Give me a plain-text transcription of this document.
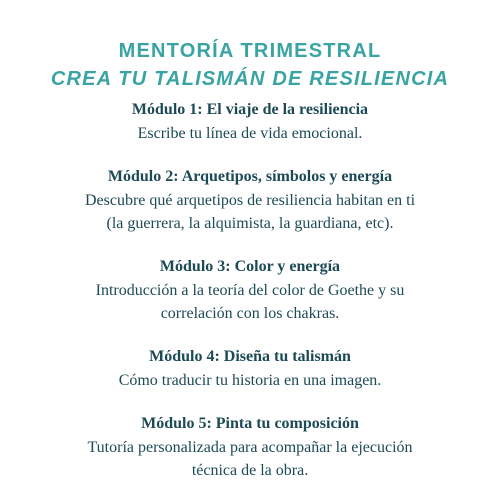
MENTORÍA TRIMESTRAL
CREA TU TALISMÁN DE RESILIENCIA
Módulo 1: El viaje de la resiliencia
Escribe tu línea de vida emocional.
Módulo 2: Arquetipos, símbolos y energía
Descubre qué arquetipos de resiliencia habitan en ti
(la guerrera, la alquimista, la guardiana, etc).
Módulo 3: Color y energía
Introducción a la teoría del color de Goethe y su
correlación con los chakras.
Módulo 4: Diseña tu talismán
Cómo traducir tu historia en una imagen.
Módulo 5: Pinta tu composición
Tutoría personalizada para acompañar la ejecución
técnica de la obra.
